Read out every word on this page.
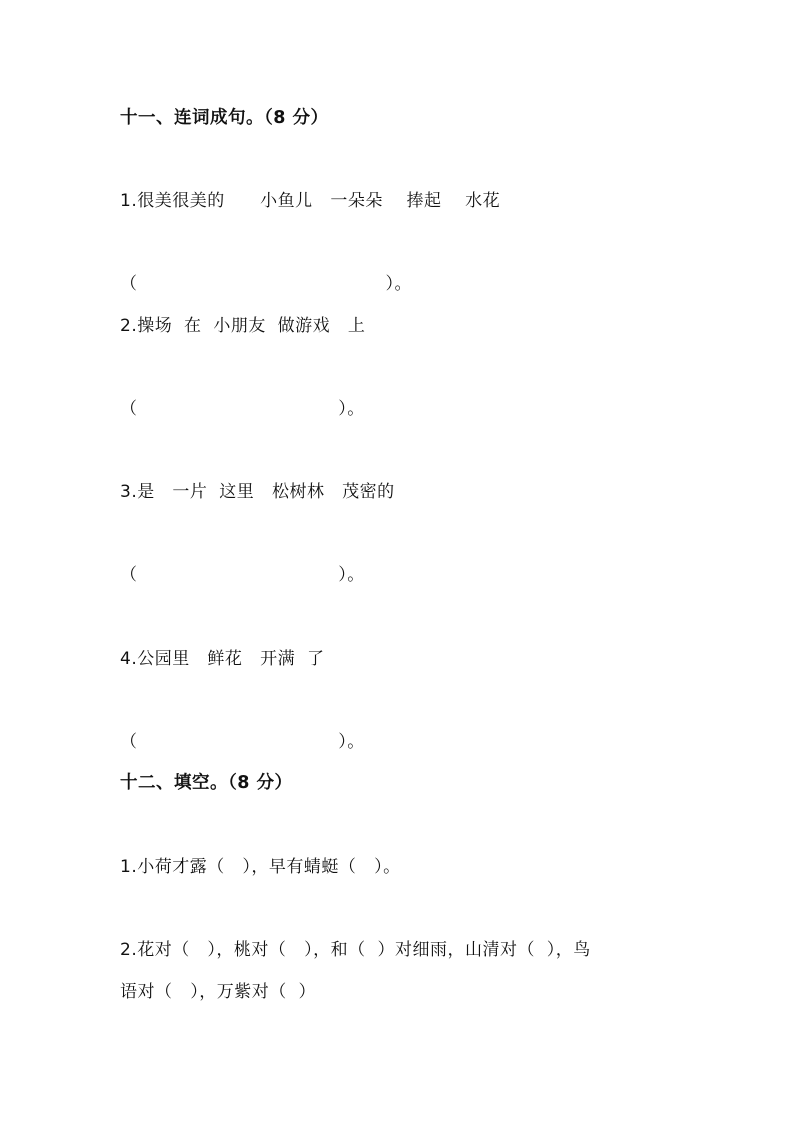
十一、连词成句。（8 分）
1.很美很美的      小鱼儿   一朵朵    捧起    水花
（                                          ）。
2.操场  在  小朋友  做游戏   上
（                                  ）。
3.是   一片  这里   松树林   茂密的
（                                  ）。
4.公园里   鲜花   开满  了
（                                  ）。
十二、填空。（8 分）
1.小荷才露（   ），早有蜻蜓（   ）。
2.花对（   ），桃对（   ），和（  ）对细雨，山清对（  ），鸟
语对（   ），万紫对（  ）
